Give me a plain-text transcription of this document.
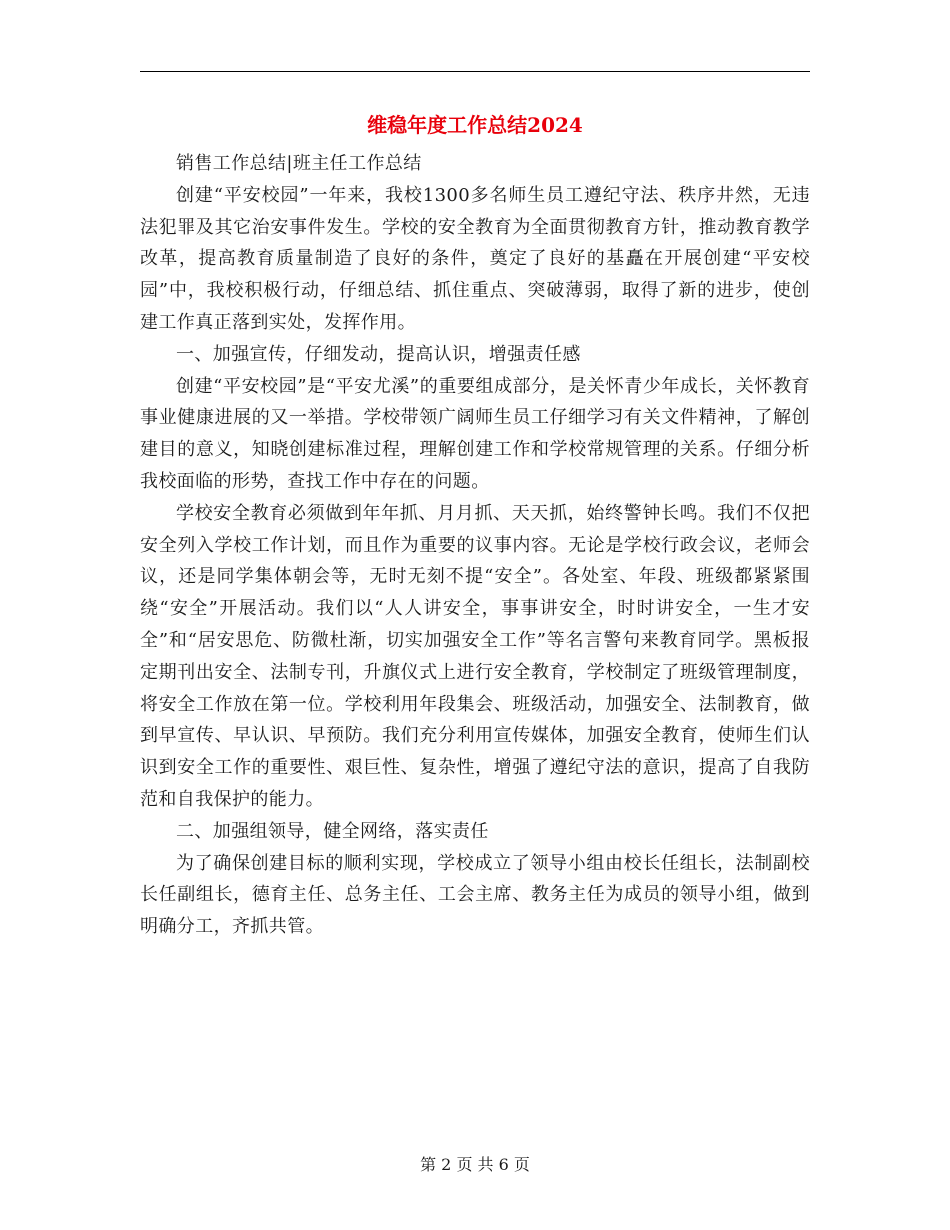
维稳年度工作总结2024

销售工作总结|班主任工作总结

创建“平安校园”一年来，我校1300多名师生员工遵纪守法、秩序井然，无违法犯罪及其它治安事件发生。学校的安全教育为全面贯彻教育方针，推动教育教学改革，提高教育质量制造了良好的条件，奠定了良好的基矗在开展创建“平安校园”中，我校积极行动，仔细总结、抓住重点、突破薄弱，取得了新的进步，使创建工作真正落到实处，发挥作用。

一、加强宣传，仔细发动，提高认识，增强责任感

创建“平安校园”是“平安尤溪”的重要组成部分，是关怀青少年成长，关怀教育事业健康进展的又一举措。学校带领广阔师生员工仔细学习有关文件精神，了解创建目的意义，知晓创建标准过程，理解创建工作和学校常规管理的关系。仔细分析我校面临的形势，查找工作中存在的问题。

学校安全教育必须做到年年抓、月月抓、天天抓，始终警钟长鸣。我们不仅把安全列入学校工作计划，而且作为重要的议事内容。无论是学校行政会议，老师会议，还是同学集体朝会等，无时无刻不提“安全”。各处室、年段、班级都紧紧围绕“安全”开展活动。我们以“人人讲安全，事事讲安全，时时讲安全，一生才安全”和“居安思危、防微杜渐，切实加强安全工作”等名言警句来教育同学。黑板报定期刊出安全、法制专刊，升旗仪式上进行安全教育，学校制定了班级管理制度，将安全工作放在第一位。学校利用年段集会、班级活动，加强安全、法制教育，做到早宣传、早认识、早预防。我们充分利用宣传媒体，加强安全教育，使师生们认识到安全工作的重要性、艰巨性、复杂性，增强了遵纪守法的意识，提高了自我防范和自我保护的能力。

二、加强组领导，健全网络，落实责任

为了确保创建目标的顺利实现，学校成立了领导小组由校长任组长，法制副校长任副组长，德育主任、总务主任、工会主席、教务主任为成员的领导小组，做到明确分工，齐抓共管。

第 2 页 共 6 页
